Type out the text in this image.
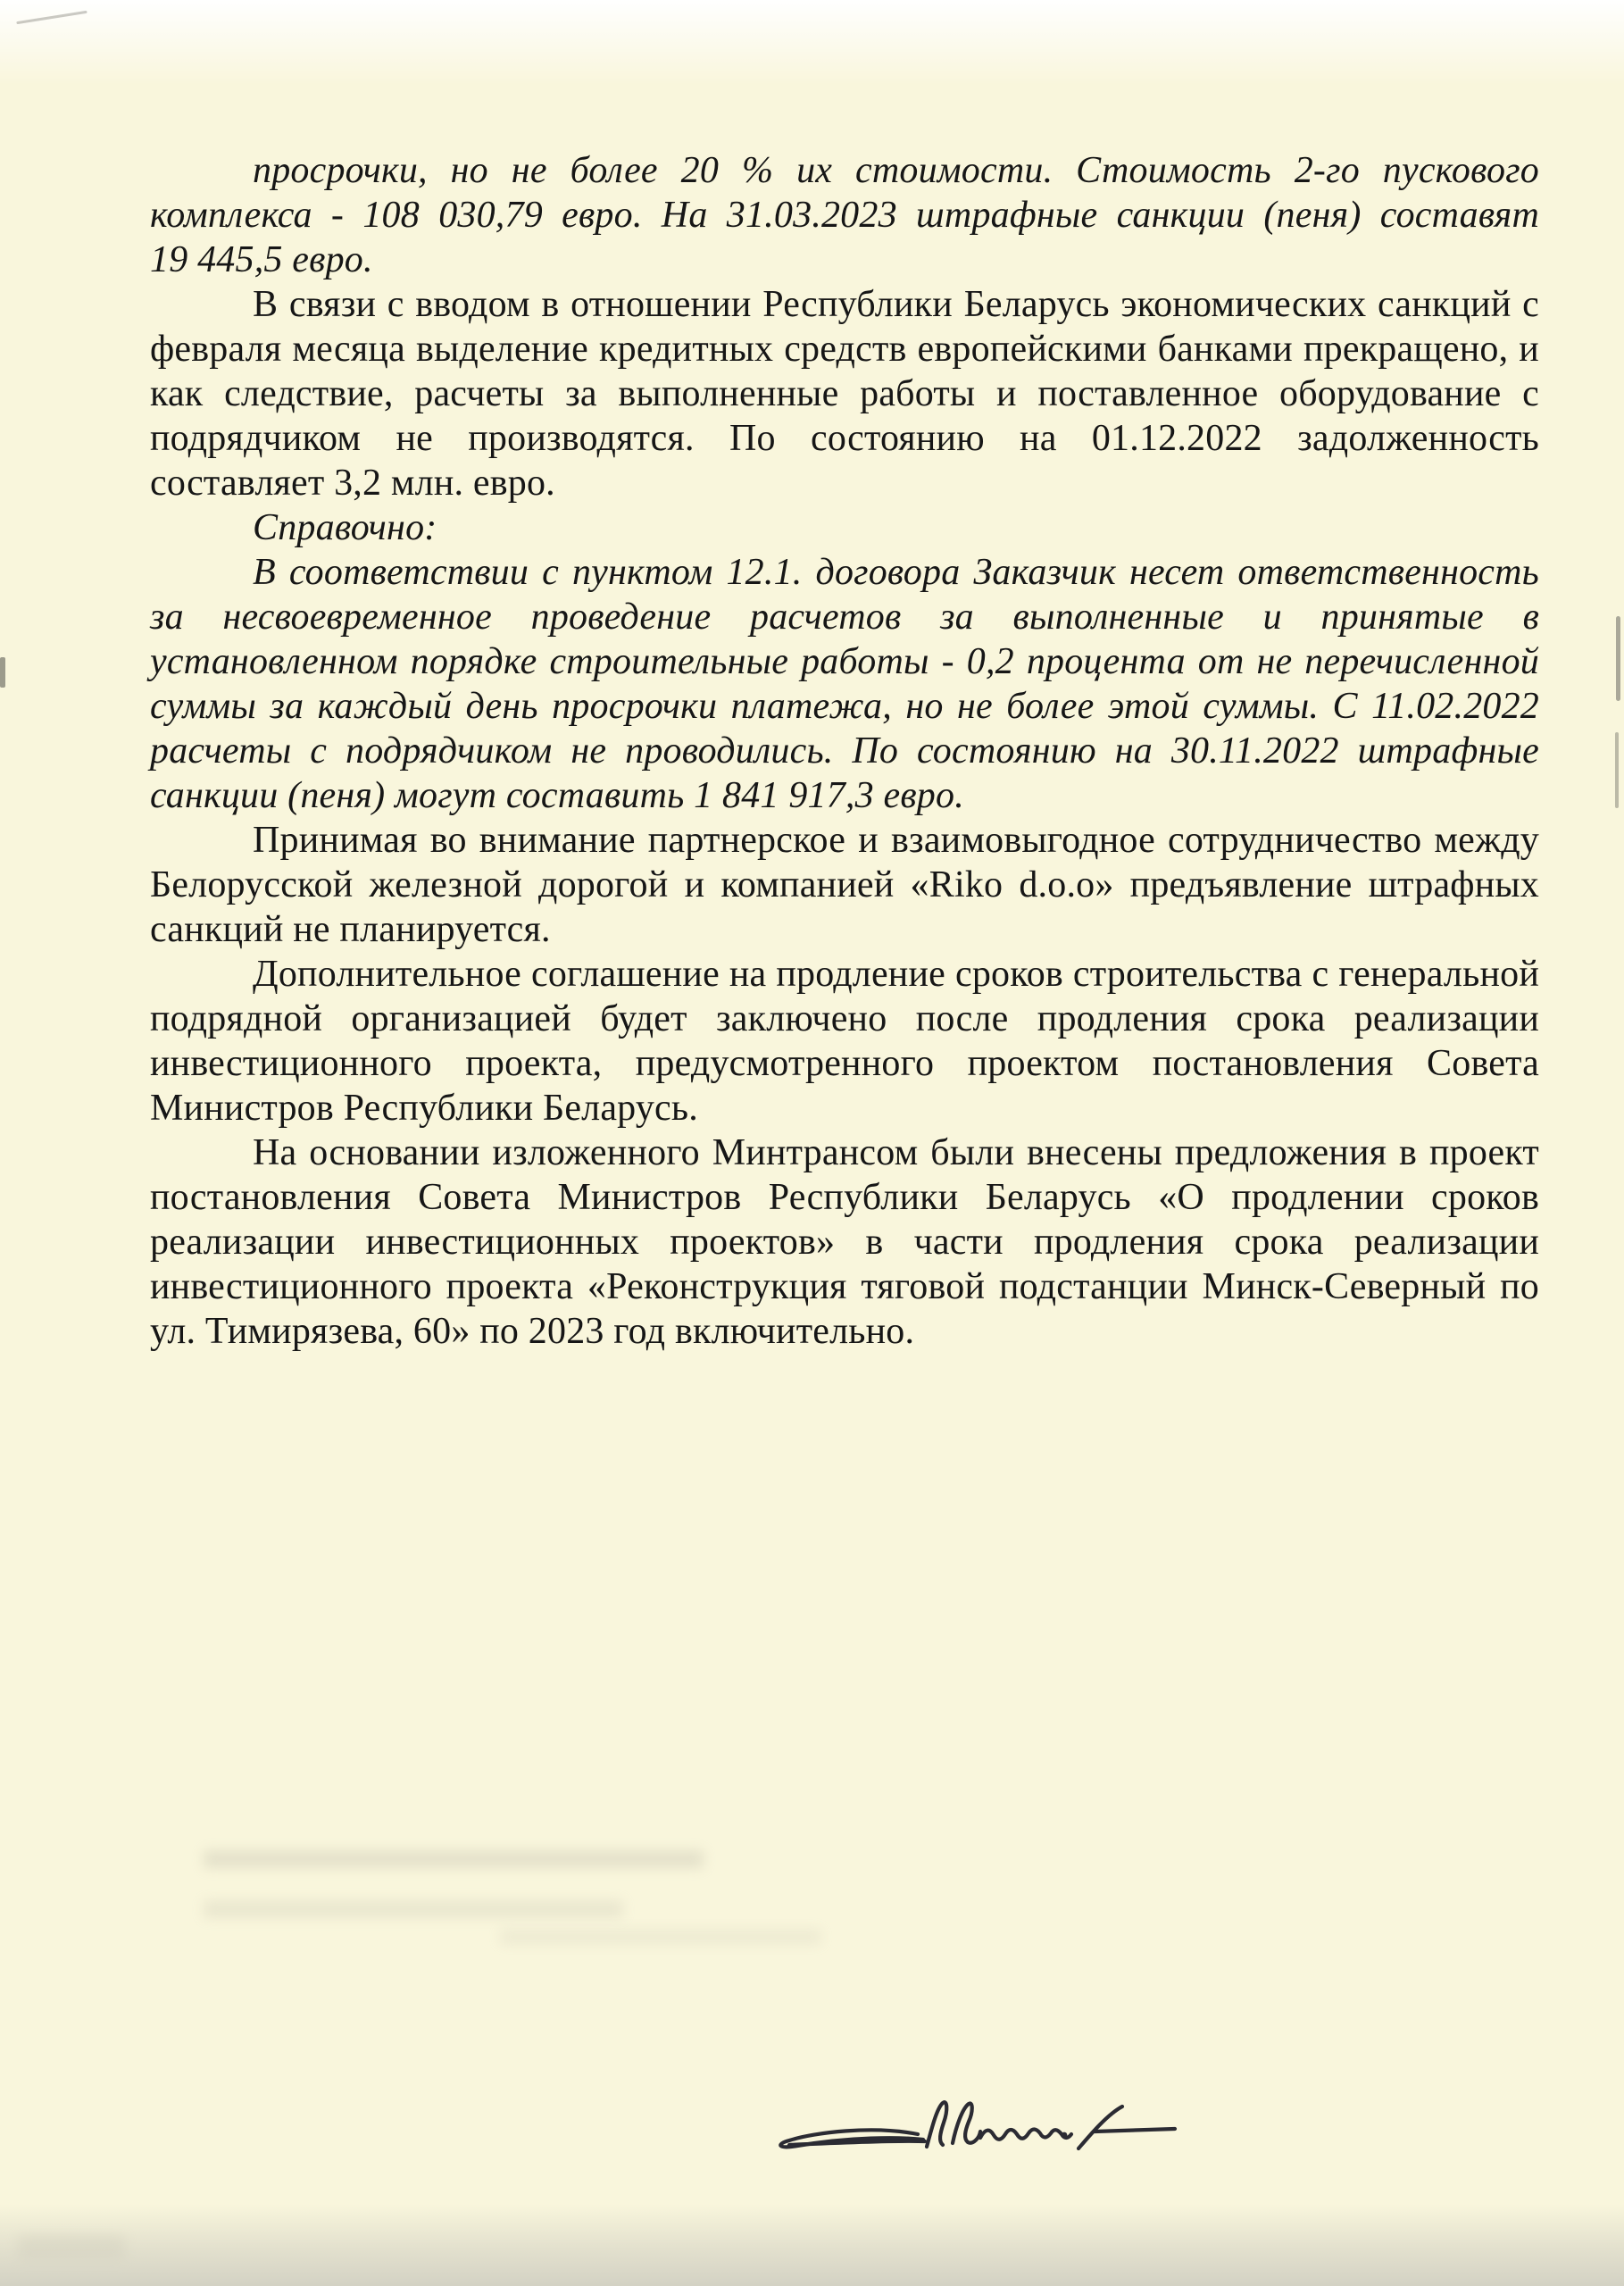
просрочки, но не более 20 % их стоимости. Стоимость 2-го пускового комплекса - 108 030,79 евро. На 31.03.2023 штрафные санкции (пеня) составят 19 445,5 евро.

В связи с вводом в отношении Республики Беларусь экономических санкций с февраля месяца выделение кредитных средств европейскими банками прекращено, и как следствие, расчеты за выполненные работы и поставленное оборудование с подрядчиком не производятся. По состоянию на 01.12.2022 задолженность составляет 3,2 млн. евро.

Справочно:

В соответствии с пунктом 12.1. договора Заказчик несет ответственность за несвоевременное проведение расчетов за выполненные и принятые в установленном порядке строительные работы - 0,2 процента от не перечисленной суммы за каждый день просрочки платежа, но не более этой суммы. С 11.02.2022 расчеты с подрядчиком не проводились. По состоянию на 30.11.2022 штрафные санкции (пеня) могут составить 1 841 917,3 евро.

Принимая во внимание партнерское и взаимовыгодное сотрудничество между Белорусской железной дорогой и компанией «Riko d.o.o» предъявление штрафных санкций не планируется.

Дополнительное соглашение на продление сроков строительства с генеральной подрядной организацией будет заключено после продления срока реализации инвестиционного проекта, предусмотренного проектом постановления Совета Министров Республики Беларусь.

На основании изложенного Минтрансом были внесены предложения в проект постановления Совета Министров Республики Беларусь «О продлении сроков реализации инвестиционных проектов» в части продления срока реализации инвестиционного проекта «Реконструкция тяговой подстанции Минск-Северный по ул. Тимирязева, 60» по 2023 год включительно.
